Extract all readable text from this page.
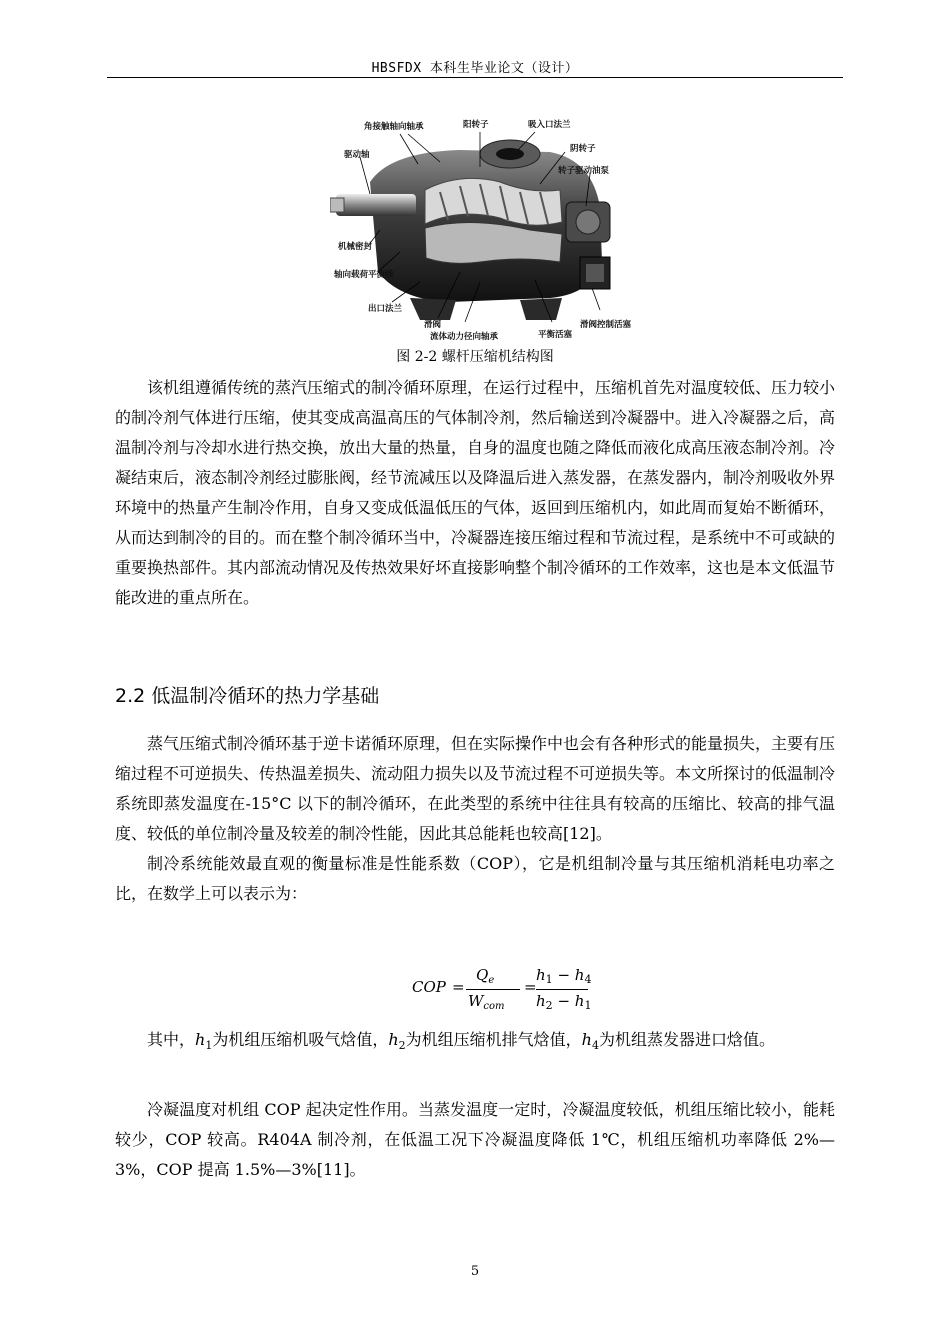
HBSFDX 本科生毕业论文（设计）
角接触轴向轴承	阳转子	吸入口法兰
阴转子
驱动轴
转子驱动油泵
机械密封
轴向载荷平衡线
出口法兰
滑阀
流体动力径向轴承	平衡活塞
滑阀控制活塞
图 2-2 螺杆压缩机结构图

该机组遵循传统的蒸汽压缩式的制冷循环原理，在运行过程中，压缩机首先对温度较低、压力较小的制冷剂气体进行压缩，使其变成高温高压的气体制冷剂，然后输送到冷凝器中。进入冷凝器之后，高温制冷剂与冷却水进行热交换，放出大量的热量，自身的温度也随之降低而液化成高压液态制冷剂。冷凝结束后，液态制冷剂经过膨胀阀，经节流减压以及降温后进入蒸发器，在蒸发器内，制冷剂吸收外界环境中的热量产生制冷作用，自身又变成低温低压的气体，返回到压缩机内，如此周而复始不断循环，从而达到制冷的目的。而在整个制冷循环当中，冷凝器连接压缩过程和节流过程，是系统中不可或缺的重要换热部件。其内部流动情况及传热效果好坏直接影响整个制冷循环的工作效率，这也是本文低温节能改进的重点所在。

2.2 低温制冷循环的热力学基础

蒸气压缩式制冷循环基于逆卡诺循环原理，但在实际操作中也会有各种形式的能量损失，主要有压缩过程不可逆损失、传热温差损失、流动阻力损失以及节流过程不可逆损失等。本文所探讨的低温制冷系统即蒸发温度在-15°C 以下的制冷循环，在此类型的系统中往往具有较高的压缩比、较高的排气温度、较低的单位制冷量及较差的制冷性能，因此其总能耗也较高[12]。

制冷系统能效最直观的衡量标准是性能系数（COP），它是机组制冷量与其压缩机消耗电功率之比，在数学上可以表示为：

COP =
$Q_e$
$W_{com}$
=
$h_1 - h_4$
$h_2 - h_1$

其中，$h_1$为机组压缩机吸气焓值，$h_2$为机组压缩机排气焓值，$h_4$为机组蒸发器进口焓值。

冷凝温度对机组 COP 起决定性作用。当蒸发温度一定时，冷凝温度较低，机组压缩比较小，能耗较少，COP 较高。R404A 制冷剂，在低温工况下冷凝温度降低 1℃，机组压缩机功率降低 2%—3%，COP 提高 1.5%—3%[11]。

5
